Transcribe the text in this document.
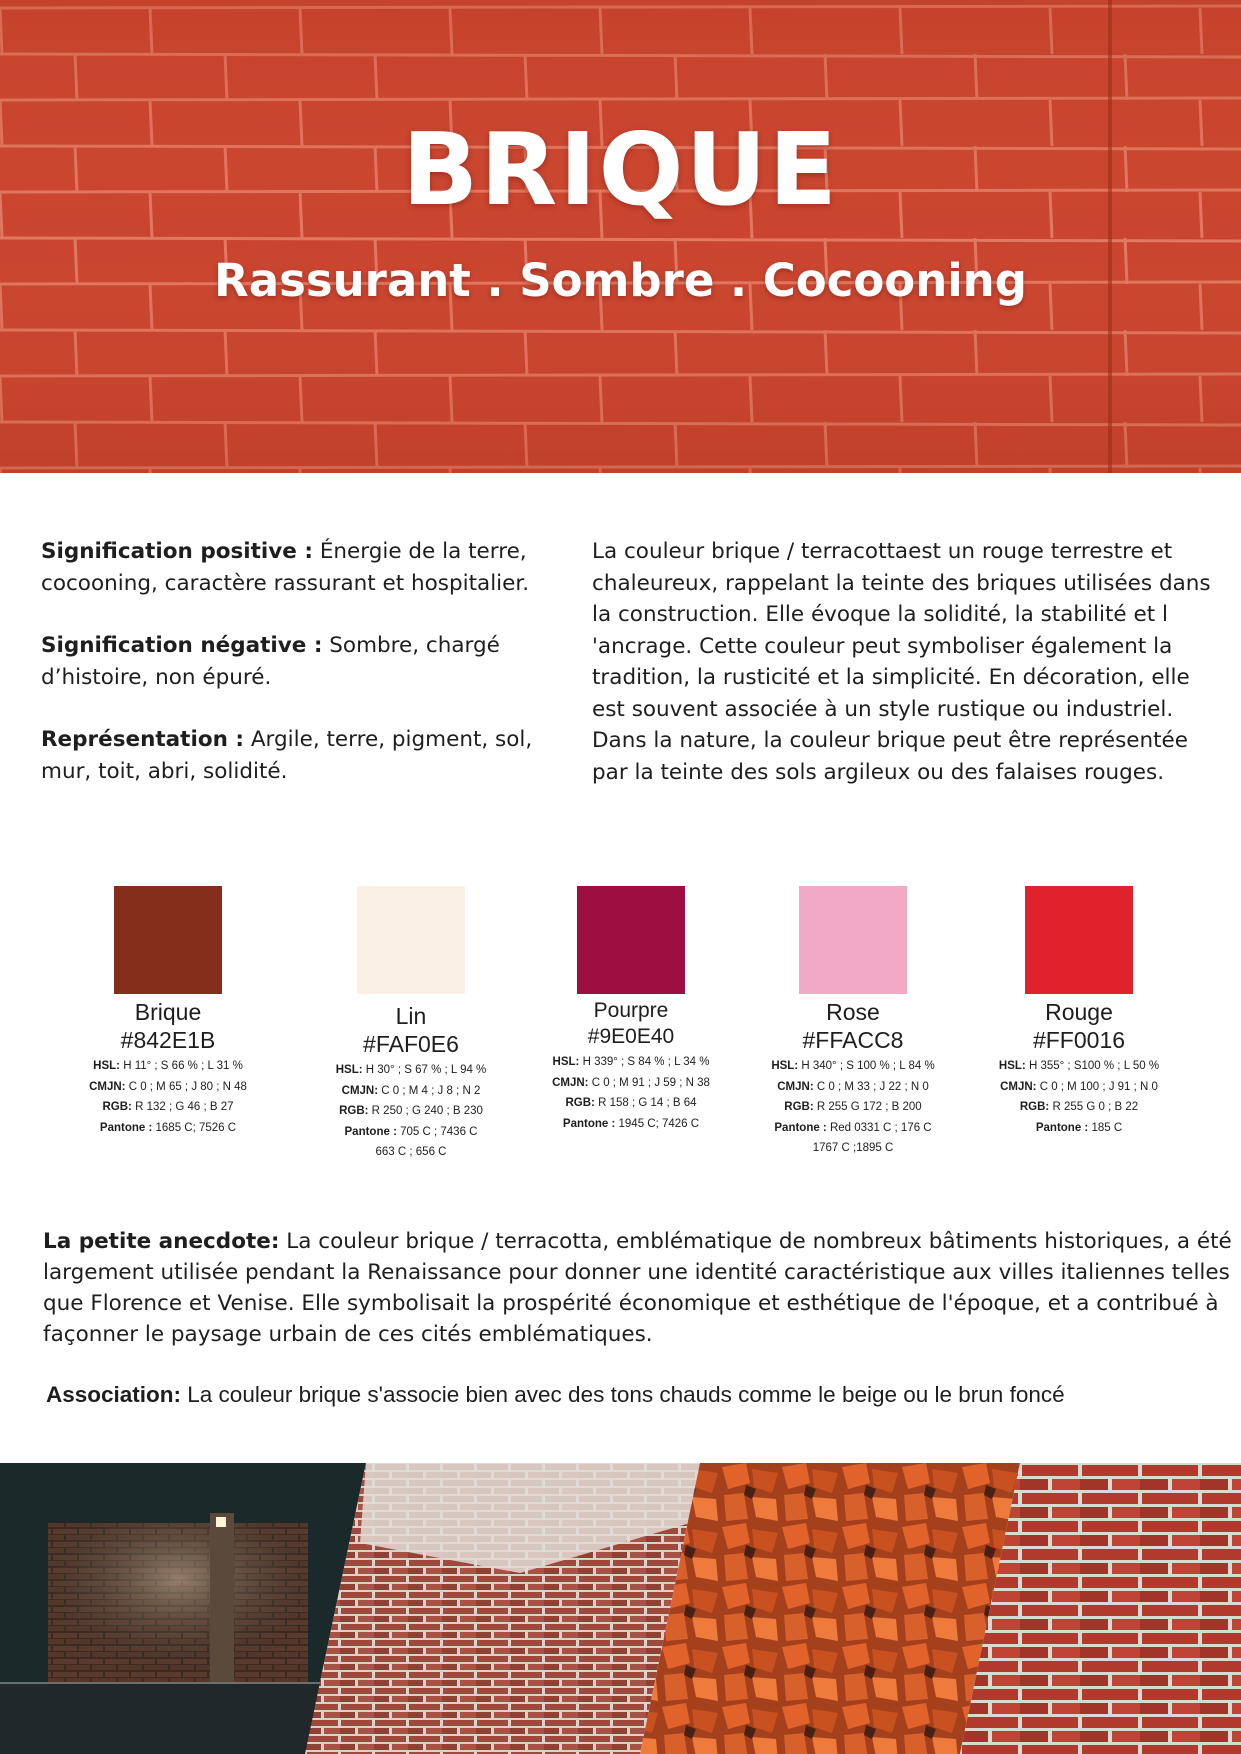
BRIQUE
Rassurant . Sombre . Cocooning

Signification positive : Énergie de la terre, cocooning, caractère rassurant et hospitalier.

Signification négative : Sombre, chargé d’histoire, non épuré.

Représentation : Argile, terre, pigment, sol, mur, toit, abri, solidité.

La couleur brique / terracottaest un rouge terrestre et chaleureux, rappelant la teinte des briques utilisées dans la construction. Elle évoque la solidité, la stabilité et l 'ancrage. Cette couleur peut symboliser également la tradition, la rusticité et la simplicité. En décoration, elle est souvent associée à un style rustique ou industriel. Dans la nature, la couleur brique peut être représentée par la teinte des sols argileux ou des falaises rouges.

Brique
#842E1B
HSL: H 11° ; S 66 % ; L 31 %
CMJN: C 0 ; M 65 ; J 80 ; N 48
RGB: R 132 ; G 46 ; B 27
Pantone : 1685 C; 7526 C
Lin
#FAF0E6
HSL: H 30° ; S 67 % ; L 94 %
CMJN: C 0 ; M 4 ; J 8 ; N 2
RGB: R 250 ; G 240 ; B 230
Pantone : 705 C ; 7436 C
663 C ; 656 C
Pourpre
#9E0E40
HSL: H 339° ; S 84 % ; L 34 %
CMJN: C 0 ; M 91 ; J 59 ; N 38
RGB: R 158 ; G 14 ; B 64
Pantone : 1945 C; 7426 C
Rose
#FFACC8
HSL: H 340° ; S 100 % ; L 84 %
CMJN: C 0 ; M 33 ; J 22 ; N 0
RGB: R 255 G 172 ; B 200
Pantone : Red 0331 C ; 176 C
1767 C ;1895 C
Rouge
#FF0016
HSL: H 355° ; S100 % ; L 50 %
CMJN: C 0 ; M 100 ; J 91 ; N 0
RGB: R 255 G 0 ; B 22
Pantone : 185 C
La petite anecdote: La couleur brique / terracotta, emblématique de nombreux bâtiments historiques, a été largement utilisée pendant la Renaissance pour donner une identité caractéristique aux villes italiennes telles que Florence et Venise. Elle symbolisait la prospérité économique et esthétique de l'époque, et a contribué à façonner le paysage urbain de ces cités emblématiques.
Association: La couleur brique s'associe bien avec des tons chauds comme le beige ou le brun foncé
